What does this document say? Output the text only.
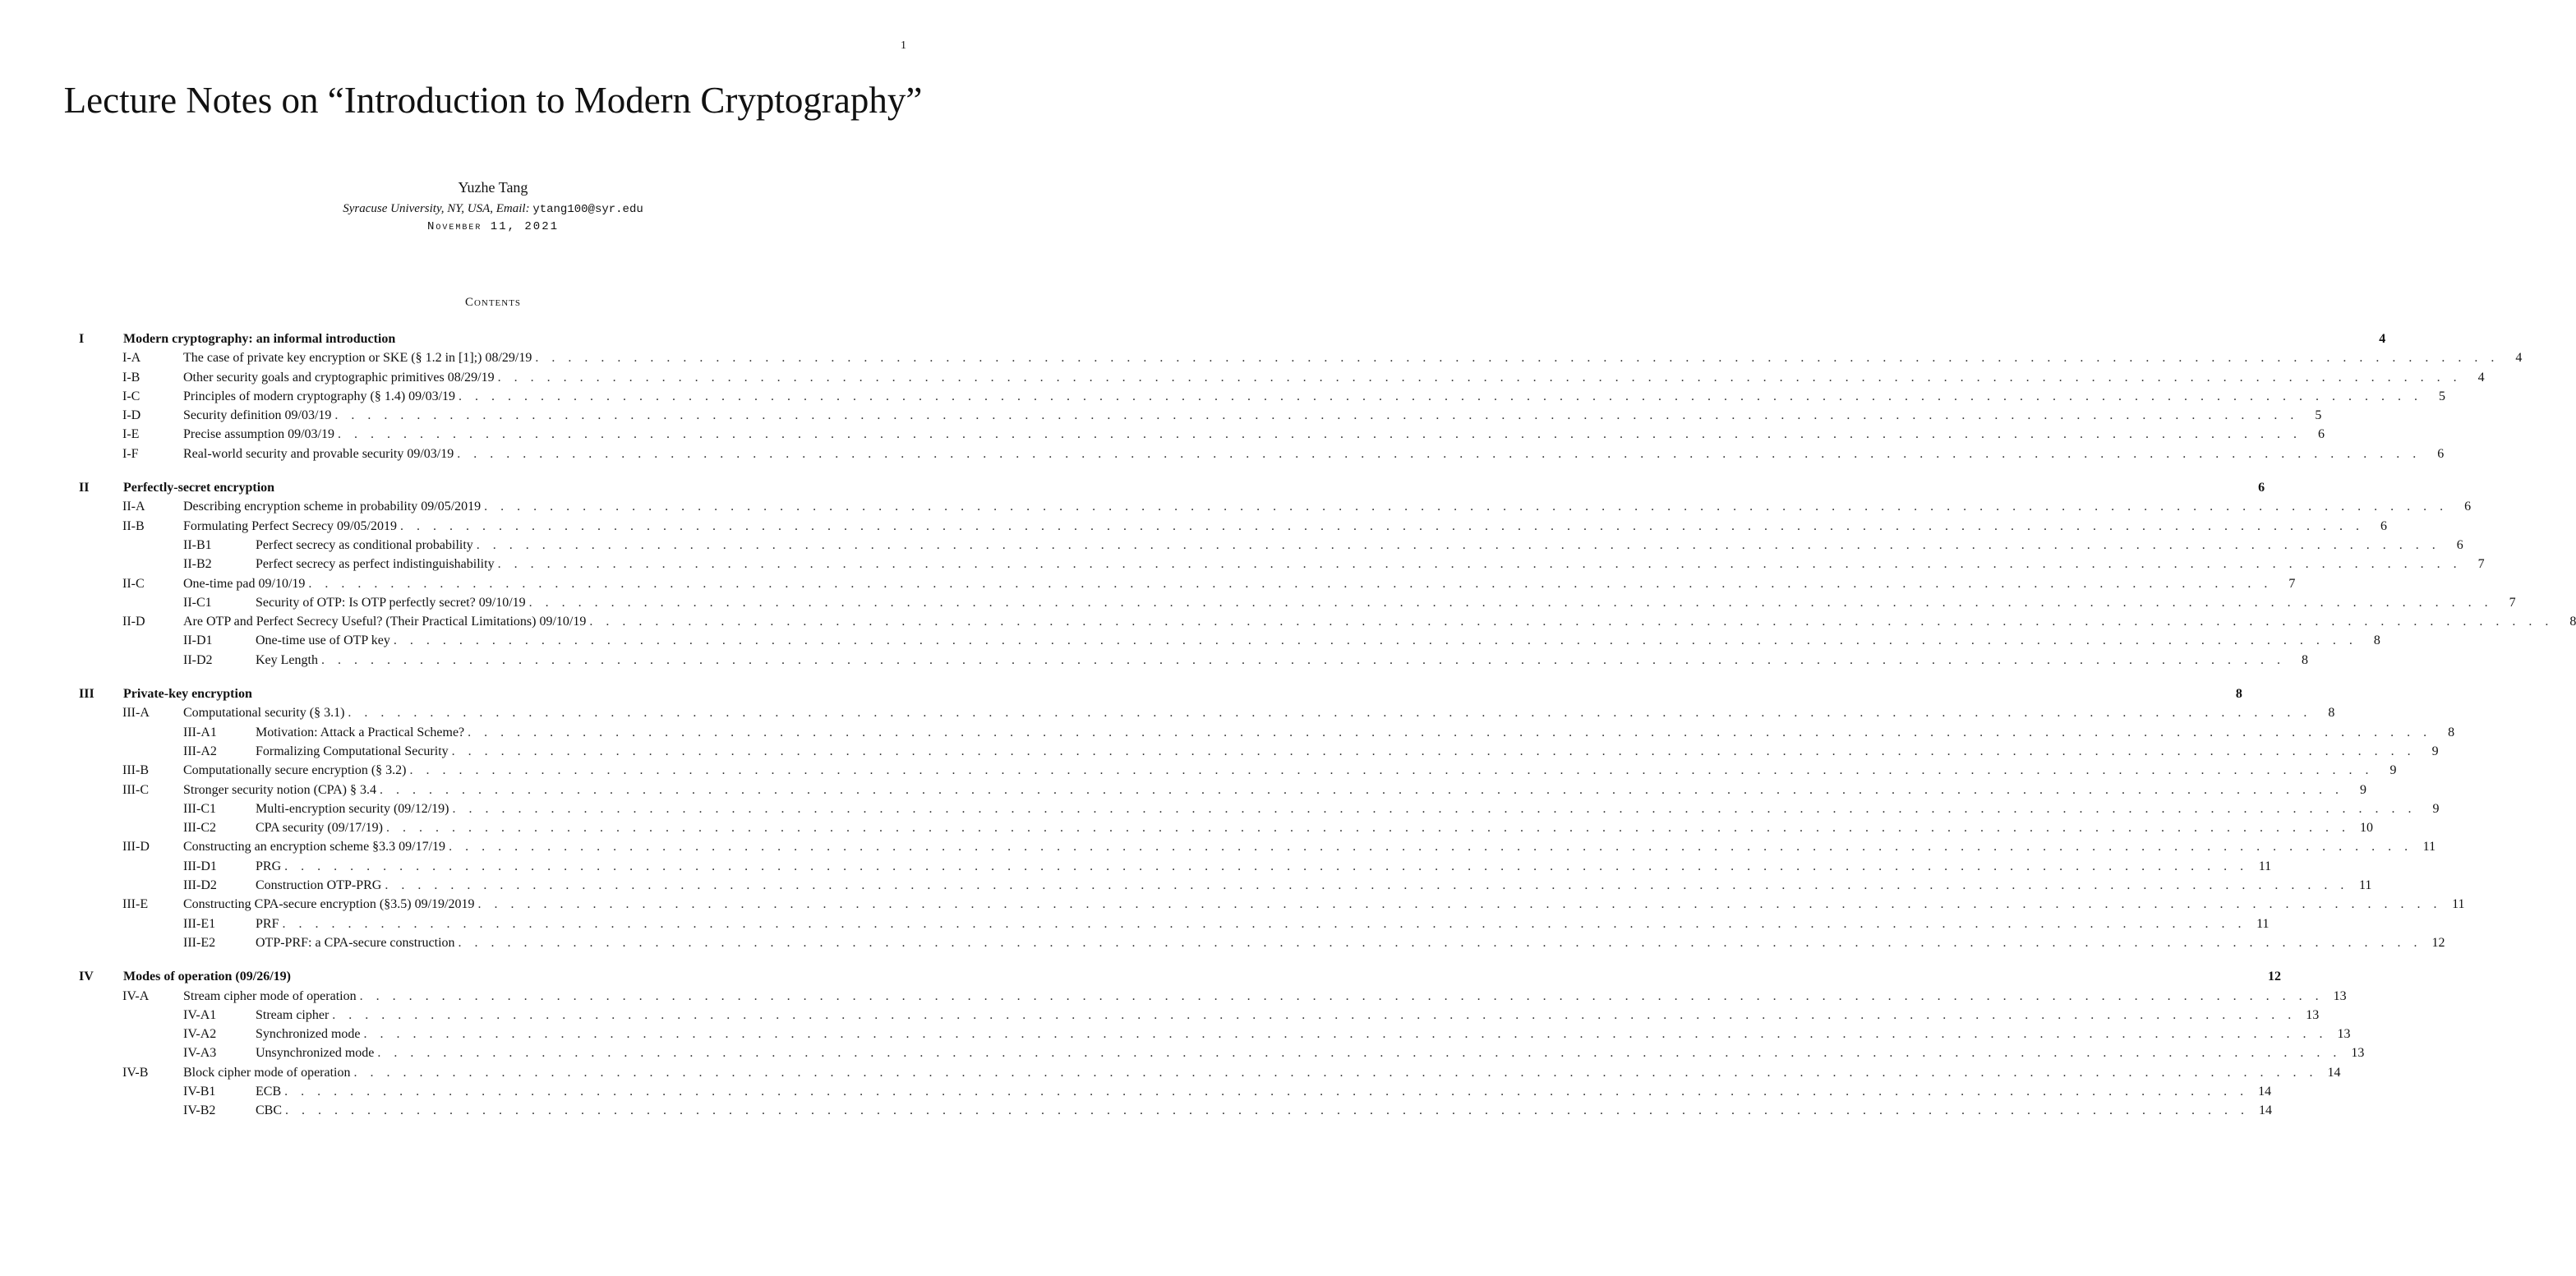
1
Lecture Notes on “Introduction to Modern Cryptography”
Yuzhe Tang
Syracuse University, NY, USA, Email: ytang100@syr.edu
November 11, 2021
Contents
I	Modern cryptography: an informal introduction	4
I-A	The case of private key encryption or SKE (§ 1.2 in [1];) 08/29/19 . . . . . . . . . . . . . . . . . . . . . . . . . . . . . . . . . . . . . . . . . . . . . . . . . . . . . . . . . . . . . . . . . . . . . . . . . . . . . . . . . . . . . . . . . . . . . . . . . . . . . . . . . . . . . . . . . . . . . . . .	4
I-B	Other security goals and cryptographic primitives 08/29/19 . . . . . . . . . . . . . . . . . . . . . . . . . . . . . . . . . . . . . . . . . . . . . . . . . . . . . . . . . . . . . . . . . . . . . . . . . . . . . . . . . . . . . . . . . . . . . . . . . . . . . . . . . . . . . . . . . . . . . . . .	4
I-C	Principles of modern cryptography (§ 1.4) 09/03/19 . . . . . . . . . . . . . . . . . . . . . . . . . . . . . . . . . . . . . . . . . . . . . . . . . . . . . . . . . . . . . . . . . . . . . . . . . . . . . . . . . . . . . . . . . . . . . . . . . . . . . . . . . . . . . . . . . . . . . . . .	5
I-D	Security definition 09/03/19 . . . . . . . . . . . . . . . . . . . . . . . . . . . . . . . . . . . . . . . . . . . . . . . . . . . . . . . . . . . . . . . . . . . . . . . . . . . . . . . . . . . . . . . . . . . . . . . . . . . . . . . . . . . . . . . . . . . . . . . .	5
I-E	Precise assumption 09/03/19 . . . . . . . . . . . . . . . . . . . . . . . . . . . . . . . . . . . . . . . . . . . . . . . . . . . . . . . . . . . . . . . . . . . . . . . . . . . . . . . . . . . . . . . . . . . . . . . . . . . . . . . . . . . . . . . . . . . . . . . .	6
I-F	Real-world security and provable security 09/03/19 . . . . . . . . . . . . . . . . . . . . . . . . . . . . . . . . . . . . . . . . . . . . . . . . . . . . . . . . . . . . . . . . . . . . . . . . . . . . . . . . . . . . . . . . . . . . . . . . . . . . . . . . . . . . . . . . . . . . . . . .	6
II	Perfectly-secret encryption	6
II-A	Describing encryption scheme in probability 09/05/2019 . . . . . . . . . . . . . . . . . . . . . . . . . . . . . . . . . . . . . . . . . . . . . . . . . . . . . . . . . . . . . . . . . . . . . . . . . . . . . . . . . . . . . . . . . . . . . . . . . . . . . . . . . . . . . . . . . . . . . . . .	6
II-B	Formulating Perfect Secrecy 09/05/2019 . . . . . . . . . . . . . . . . . . . . . . . . . . . . . . . . . . . . . . . . . . . . . . . . . . . . . . . . . . . . . . . . . . . . . . . . . . . . . . . . . . . . . . . . . . . . . . . . . . . . . . . . . . . . . . . . . . . . . . . .	6
II-B1	Perfect secrecy as conditional probability . . . . . . . . . . . . . . . . . . . . . . . . . . . . . . . . . . . . . . . . . . . . . . . . . . . . . . . . . . . . . . . . . . . . . . . . . . . . . . . . . . . . . . . . . . . . . . . . . . . . . . . . . . . . . . . . . . . . . . . .	6
II-B2	Perfect secrecy as perfect indistinguishability . . . . . . . . . . . . . . . . . . . . . . . . . . . . . . . . . . . . . . . . . . . . . . . . . . . . . . . . . . . . . . . . . . . . . . . . . . . . . . . . . . . . . . . . . . . . . . . . . . . . . . . . . . . . . . . . . . . . . . . .	7
II-C	One-time pad 09/10/19 . . . . . . . . . . . . . . . . . . . . . . . . . . . . . . . . . . . . . . . . . . . . . . . . . . . . . . . . . . . . . . . . . . . . . . . . . . . . . . . . . . . . . . . . . . . . . . . . . . . . . . . . . . . . . . . . . . . . . . . .	7
II-C1	Security of OTP: Is OTP perfectly secret? 09/10/19 . . . . . . . . . . . . . . . . . . . . . . . . . . . . . . . . . . . . . . . . . . . . . . . . . . . . . . . . . . . . . . . . . . . . . . . . . . . . . . . . . . . . . . . . . . . . . . . . . . . . . . . . . . . . . . . . . . . . . . . .	7
II-D	Are OTP and Perfect Secrecy Useful? (Their Practical Limitations) 09/10/19 . . . . . . . . . . . . . . . . . . . . . . . . . . . . . . . . . . . . . . . . . . . . . . . . . . . . . . . . . . . . . . . . . . . . . . . . . . . . . . . . . . . . . . . . . . . . . . . . . . . . . . . . . . . . . . . . . . . . . . . .	8
II-D1	One-time use of OTP key . . . . . . . . . . . . . . . . . . . . . . . . . . . . . . . . . . . . . . . . . . . . . . . . . . . . . . . . . . . . . . . . . . . . . . . . . . . . . . . . . . . . . . . . . . . . . . . . . . . . . . . . . . . . . . . . . . . . . . . .	8
II-D2	Key Length . . . . . . . . . . . . . . . . . . . . . . . . . . . . . . . . . . . . . . . . . . . . . . . . . . . . . . . . . . . . . . . . . . . . . . . . . . . . . . . . . . . . . . . . . . . . . . . . . . . . . . . . . . . . . . . . . . . . . . . .	8
III Private-key encryption	8
III-A	Computational security (§ 3.1) . . . . . . . . . . . . . . . . . . . . . . . . . . . . . . . . . . . . . . . . . . . . . . . . . . . . . . . . . . . . . . . . . . . . . . . . . . . . . . . . . . . . . . . . . . . . . . . . . . . . . . . . . . . . . . . . . . . . . . . .	8
III-A1	Motivation: Attack a Practical Scheme? . . . . . . . . . . . . . . . . . . . . . . . . . . . . . . . . . . . . . . . . . . . . . . . . . . . . . . . . . . . . . . . . . . . . . . . . . . . . . . . . . . . . . . . . . . . . . . . . . . . . . . . . . . . . . . . . . . . . . . . .	8
III-A2	Formalizing Computational Security . . . . . . . . . . . . . . . . . . . . . . . . . . . . . . . . . . . . . . . . . . . . . . . . . . . . . . . . . . . . . . . . . . . . . . . . . . . . . . . . . . . . . . . . . . . . . . . . . . . . . . . . . . . . . . . . . . . . . . . .	9
III-B	Computationally secure encryption (§ 3.2) . . . . . . . . . . . . . . . . . . . . . . . . . . . . . . . . . . . . . . . . . . . . . . . . . . . . . . . . . . . . . . . . . . . . . . . . . . . . . . . . . . . . . . . . . . . . . . . . . . . . . . . . . . . . . . . . . . . . . . . .	9
III-C	Stronger security notion (CPA) § 3.4 . . . . . . . . . . . . . . . . . . . . . . . . . . . . . . . . . . . . . . . . . . . . . . . . . . . . . . . . . . . . . . . . . . . . . . . . . . . . . . . . . . . . . . . . . . . . . . . . . . . . . . . . . . . . . . . . . . . . . . . .	9
III-C1	Multi-encryption security (09/12/19) . . . . . . . . . . . . . . . . . . . . . . . . . . . . . . . . . . . . . . . . . . . . . . . . . . . . . . . . . . . . . . . . . . . . . . . . . . . . . . . . . . . . . . . . . . . . . . . . . . . . . . . . . . . . . . . . . . . . . . . .	9
III-C2	CPA security (09/17/19) . . . . . . . . . . . . . . . . . . . . . . . . . . . . . . . . . . . . . . . . . . . . . . . . . . . . . . . . . . . . . . . . . . . . . . . . . . . . . . . . . . . . . . . . . . . . . . . . . . . . . . . . . . . . . . . . . . . . . . . . 10
III-D	Constructing an encryption scheme §3.3 09/17/19 . . . . . . . . . . . . . . . . . . . . . . . . . . . . . . . . . . . . . . . . . . . . . . . . . . . . . . . . . . . . . . . . . . . . . . . . . . . . . . . . . . . . . . . . . . . . . . . . . . . . . . . . . . . . . . . . . . . . . . . . 11
III-D1	PRG . . . . . . . . . . . . . . . . . . . . . . . . . . . . . . . . . . . . . . . . . . . . . . . . . . . . . . . . . . . . . . . . . . . . . . . . . . . . . . . . . . . . . . . . . . . . . . . . . . . . . . . . . . . . . . . . . . . . . . . . 11
III-D2	Construction OTP-PRG . . . . . . . . . . . . . . . . . . . . . . . . . . . . . . . . . . . . . . . . . . . . . . . . . . . . . . . . . . . . . . . . . . . . . . . . . . . . . . . . . . . . . . . . . . . . . . . . . . . . . . . . . . . . . . . . . . . . . . . . 11
III-E	Constructing CPA-secure encryption (§3.5) 09/19/2019 . . . . . . . . . . . . . . . . . . . . . . . . . . . . . . . . . . . . . . . . . . . . . . . . . . . . . . . . . . . . . . . . . . . . . . . . . . . . . . . . . . . . . . . . . . . . . . . . . . . . . . . . . . . . . . . . . . . . . . . . 11
III-E1	PRF . . . . . . . . . . . . . . . . . . . . . . . . . . . . . . . . . . . . . . . . . . . . . . . . . . . . . . . . . . . . . . . . . . . . . . . . . . . . . . . . . . . . . . . . . . . . . . . . . . . . . . . . . . . . . . . . . . . . . . . . 11
III-E2	OTP-PRF: a CPA-secure construction . . . . . . . . . . . . . . . . . . . . . . . . . . . . . . . . . . . . . . . . . . . . . . . . . . . . . . . . . . . . . . . . . . . . . . . . . . . . . . . . . . . . . . . . . . . . . . . . . . . . . . . . . . . . . . . . . . . . . . . . 12
IV Modes of operation (09/26/19)	12
IV-A	Stream cipher mode of operation . . . . . . . . . . . . . . . . . . . . . . . . . . . . . . . . . . . . . . . . . . . . . . . . . . . . . . . . . . . . . . . . . . . . . . . . . . . . . . . . . . . . . . . . . . . . . . . . . . . . . . . . . . . . . . . . . . . . . . . . 13
IV-A1	Stream cipher . . . . . . . . . . . . . . . . . . . . . . . . . . . . . . . . . . . . . . . . . . . . . . . . . . . . . . . . . . . . . . . . . . . . . . . . . . . . . . . . . . . . . . . . . . . . . . . . . . . . . . . . . . . . . . . . . . . . . . . . 13
IV-A2	Synchronized mode . . . . . . . . . . . . . . . . . . . . . . . . . . . . . . . . . . . . . . . . . . . . . . . . . . . . . . . . . . . . . . . . . . . . . . . . . . . . . . . . . . . . . . . . . . . . . . . . . . . . . . . . . . . . . . . . . . . . . . . . 13
IV-A3	Unsynchronized mode . . . . . . . . . . . . . . . . . . . . . . . . . . . . . . . . . . . . . . . . . . . . . . . . . . . . . . . . . . . . . . . . . . . . . . . . . . . . . . . . . . . . . . . . . . . . . . . . . . . . . . . . . . . . . . . . . . . . . . . . 13
IV-B	Block cipher mode of operation . . . . . . . . . . . . . . . . . . . . . . . . . . . . . . . . . . . . . . . . . . . . . . . . . . . . . . . . . . . . . . . . . . . . . . . . . . . . . . . . . . . . . . . . . . . . . . . . . . . . . . . . . . . . . . . . . . . . . . . . 14
IV-B1	ECB . . . . . . . . . . . . . . . . . . . . . . . . . . . . . . . . . . . . . . . . . . . . . . . . . . . . . . . . . . . . . . . . . . . . . . . . . . . . . . . . . . . . . . . . . . . . . . . . . . . . . . . . . . . . . . . . . . . . . . . . 14
IV-B2	CBC . . . . . . . . . . . . . . . . . . . . . . . . . . . . . . . . . . . . . . . . . . . . . . . . . . . . . . . . . . . . . . . . . . . . . . . . . . . . . . . . . . . . . . . . . . . . . . . . . . . . . . . . . . . . . . . . . . . . . . . . 14
